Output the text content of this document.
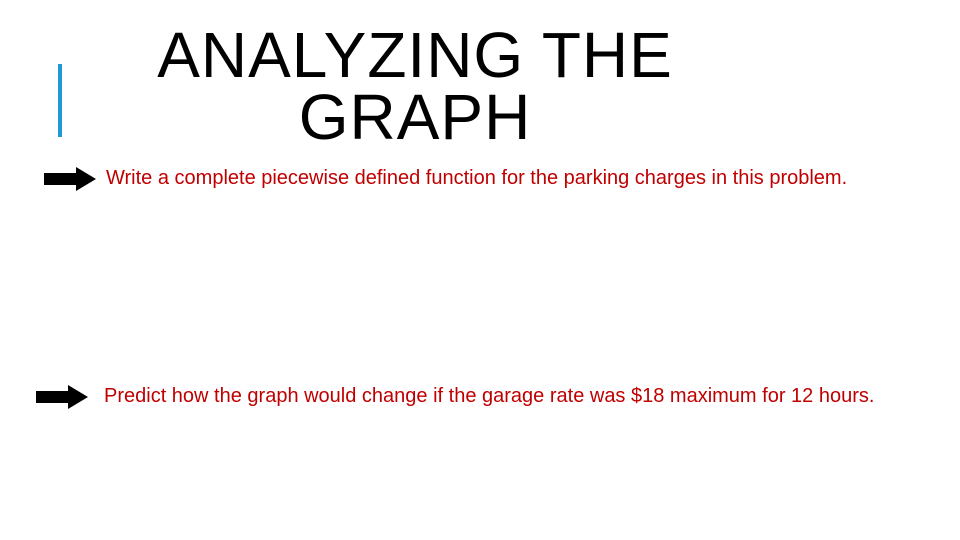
ANALYZING THE
GRAPH
Write a complete piecewise defined function for the parking charges in this problem.
Predict how the graph would change if the garage rate was $18 maximum for 12 hours.
